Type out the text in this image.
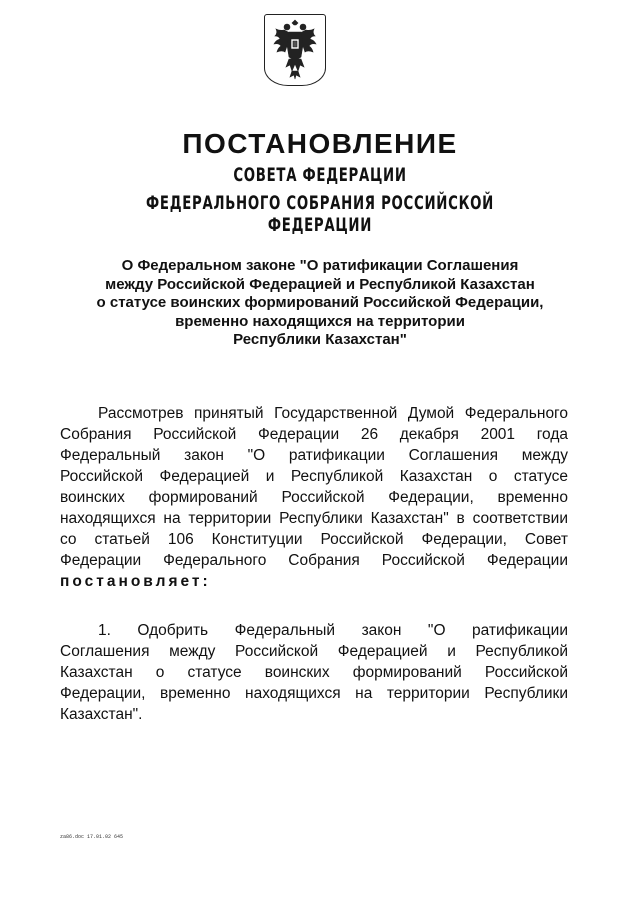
ПОСТАНОВЛЕНИЕ
СОВЕТА ФЕДЕРАЦИИ
ФЕДЕРАЛЬНОГО СОБРАНИЯ РОССИЙСКОЙ ФЕДЕРАЦИИ
О Федеральном законе "О ратификации Соглашения
между Российской Федерацией и Республикой Казахстан
о статусе воинских формирований Российской Федерации,
временно находящихся на территории
Республики Казахстан"
Рассмотрев принятый Государственной Думой Федерального
Собрания Российской Федерации 26 декабря 2001 года
Федеральный закон "О ратификации Соглашения между
Российской Федерацией и Республикой Казахстан о статусе
воинских формирований Российской Федерации, временно
находящихся на территории Республики Казахстан" в соответствии
со статьей 106 Конституции Российской Федерации, Совет
Федерации Федерального Собрания Российской Федерации
постановляет:
1. Одобрить Федеральный закон "О ратификации
Соглашения между Российской Федерацией и Республикой
Казахстан о статусе воинских формирований Российской
Федерации, временно находящихся на территории Республики
Казахстан".
za86.doc 17.01.02 645
